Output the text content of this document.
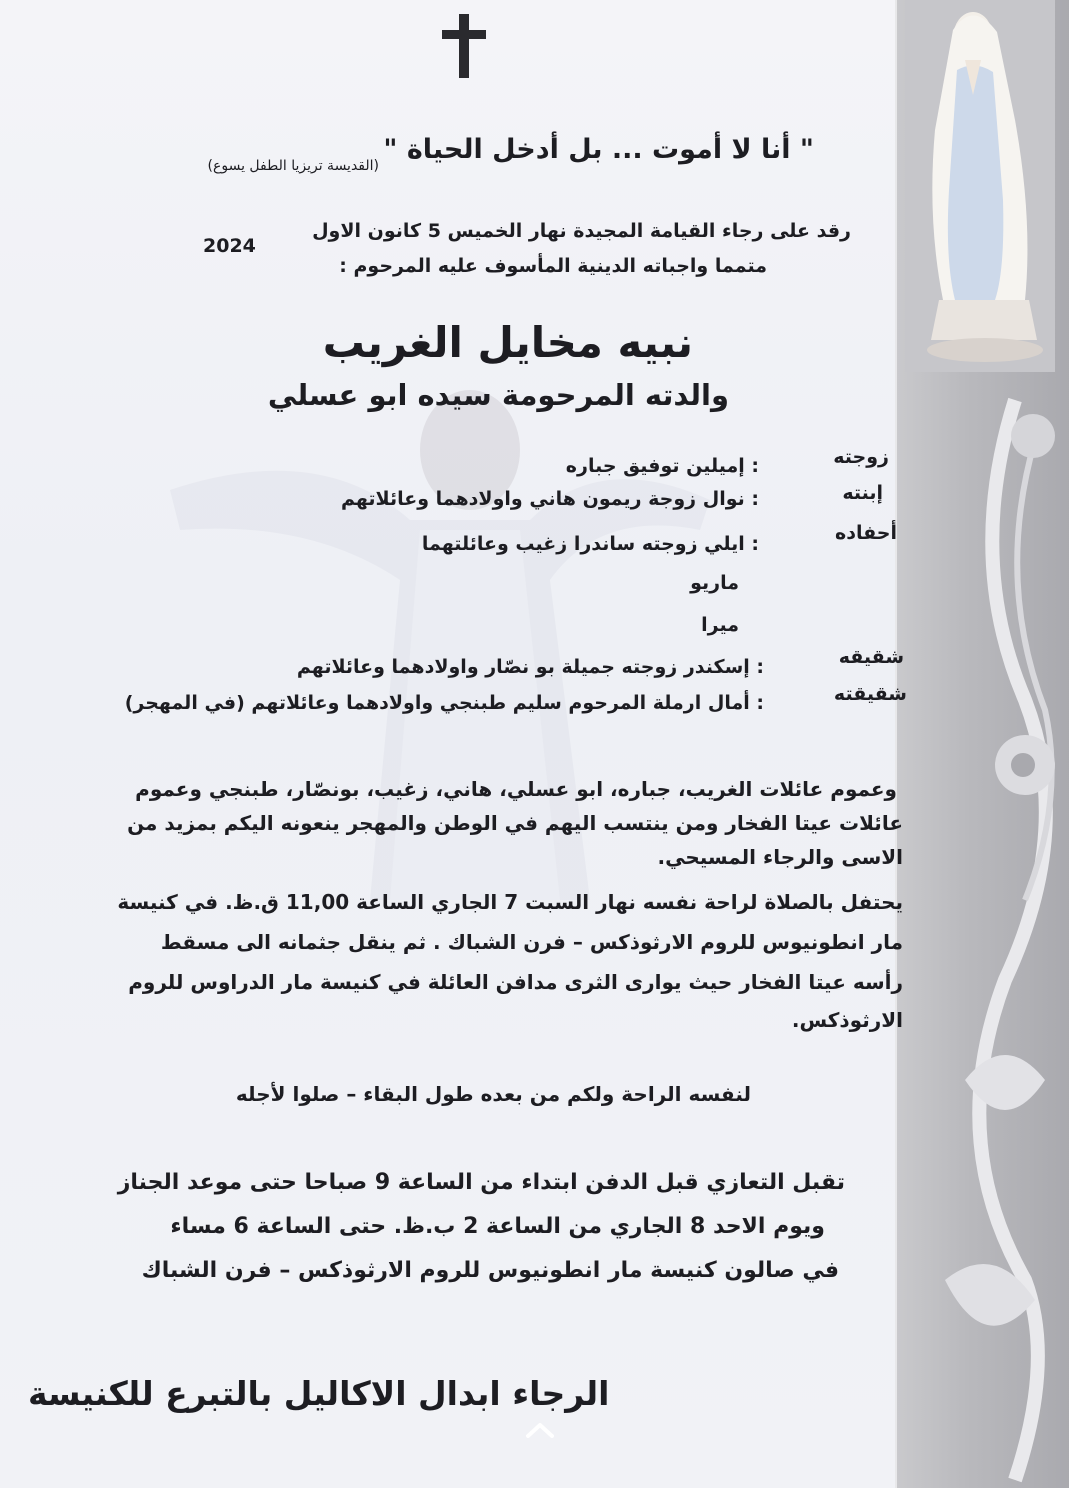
" أنا لا أموت ... بل أدخل الحياة "
(القديسة تريزيا الطفل يسوع)
رقد على رجاء القيامة المجيدة نهار الخميس 5 كانون الاول
2024
متمما واجباته الدينية المأسوف عليه المرحوم :
نبيه مخايل الغريب
والدته المرحومة سيده ابو عسلي
زوجته
: إميلين توفيق جباره
إبنته
: نوال زوجة ريمون هاني واولادهما وعائلاتهم
أحفاده
: ايلي زوجته ساندرا زغيب وعائلتهما
ماريو
ميرا
شقيقه
: إسكندر زوجته جميلة بو نصّار واولادهما وعائلاتهم
شقيقته
: أمال ارملة المرحوم سليم طبنجي واولادهما وعائلاتهم (في المهجر)
وعموم عائلات الغريب، جباره، ابو عسلي، هاني، زغيب، بونصّار، طبنجي وعموم
عائلات عيتا الفخار ومن ينتسب اليهم في الوطن والمهجر ينعونه اليكم بمزيد من
الاسى والرجاء المسيحي.
يحتفل بالصلاة لراحة نفسه نهار السبت 7 الجاري الساعة 11,00 ق.ظ. في كنيسة
مار انطونيوس للروم الارثوذكس – فرن الشباك . ثم ينقل جثمانه الى مسقط
رأسه عيتا الفخار حيث يوارى الثرى مدافن العائلة في كنيسة مار الدراوس للروم
الارثوذكس.
لنفسه الراحة ولكم من بعده طول البقاء – صلوا لأجله
تقبل التعازي قبل الدفن ابتداء من الساعة 9 صباحا حتى موعد الجناز
ويوم الاحد 8 الجاري من الساعة 2 ب.ظ. حتى الساعة 6 مساء
في صالون كنيسة مار انطونيوس للروم الارثوذكس – فرن الشباك
الرجاء ابدال الاكاليل بالتبرع للكنيسة
